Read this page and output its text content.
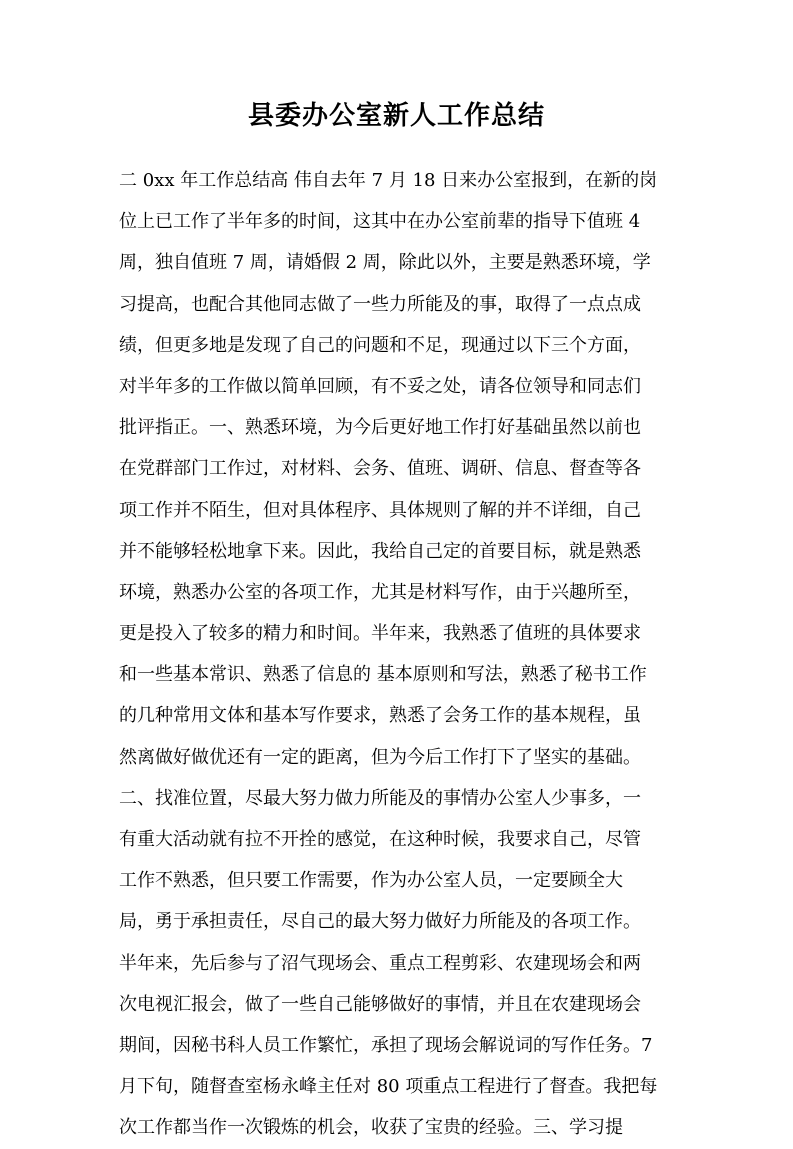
县委办公室新人工作总结
二 0xx 年工作总结高 伟自去年 7 月 18 日来办公室报到，在新的岗
位上已工作了半年多的时间，这其中在办公室前辈的指导下值班 4
周，独自值班 7 周，请婚假 2 周，除此以外，主要是熟悉环境，学
习提高，也配合其他同志做了一些力所能及的事，取得了一点点成
绩，但更多地是发现了自己的问题和不足，现通过以下三个方面，
对半年多的工作做以简单回顾，有不妥之处，请各位领导和同志们
批评指正。一、熟悉环境，为今后更好地工作打好基础虽然以前也
在党群部门工作过，对材料、会务、值班、调研、信息、督查等各
项工作并不陌生，但对具体程序、具体规则了解的并不详细，自己
并不能够轻松地拿下来。因此，我给自己定的首要目标，就是熟悉
环境，熟悉办公室的各项工作，尤其是材料写作，由于兴趣所至，
更是投入了较多的精力和时间。半年来，我熟悉了值班的具体要求
和一些基本常识、熟悉了信息的 基本原则和写法，熟悉了秘书工作
的几种常用文体和基本写作要求，熟悉了会务工作的基本规程，虽
然离做好做优还有一定的距离，但为今后工作打下了坚实的基础。
二、找准位置，尽最大努力做力所能及的事情办公室人少事多，一
有重大活动就有拉不开拴的感觉，在这种时候，我要求自己，尽管
工作不熟悉，但只要工作需要，作为办公室人员，一定要顾全大
局，勇于承担责任，尽自己的最大努力做好力所能及的各项工作。
半年来，先后参与了沼气现场会、重点工程剪彩、农建现场会和两
次电视汇报会，做了一些自己能够做好的事情，并且在农建现场会
期间，因秘书科人员工作繁忙，承担了现场会解说词的写作任务。7
月下旬，随督查室杨永峰主任对 80 项重点工程进行了督查。我把每
次工作都当作一次锻炼的机会，收获了宝贵的经验。三、学习提
